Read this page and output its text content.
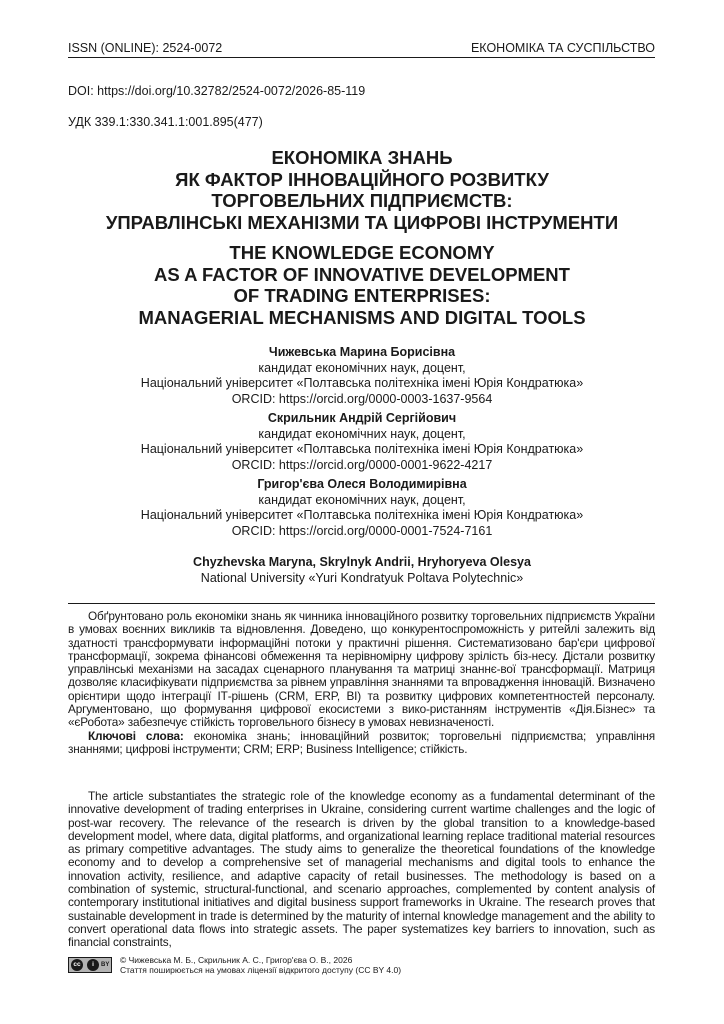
ISSN (ONLINE): 2524-0072	ЕКОНОМІКА ТА СУСПІЛЬСТВО
DOI: https://doi.org/10.32782/2524-0072/2026-85-119
УДК 339.1:330.341.1:001.895(477)
ЕКОНОМІКА ЗНАНЬ
ЯК ФАКТОР ІННОВАЦІЙНОГО РОЗВИТКУ
ТОРГОВЕЛЬНИХ ПІДПРИЄМСТВ:
УПРАВЛІНСЬКІ МЕХАНІЗМИ ТА ЦИФРОВІ ІНСТРУМЕНТИ
THE KNOWLEDGE ECONOMY
AS A FACTOR OF INNOVATIVE DEVELOPMENT
OF TRADING ENTERPRISES:
MANAGERIAL MECHANISMS AND DIGITAL TOOLS
Чижевська Марина Борисівна
кандидат економічних наук, доцент,
Національний університет «Полтавська політехніка імені Юрія Кондратюка»
ORCID: https://orcid.org/0000-0003-1637-9564
Скрильник Андрій Сергійович
кандидат економічних наук, доцент,
Національний університет «Полтавська політехніка імені Юрія Кондратюка»
ORCID: https://orcid.org/0000-0001-9622-4217
Григор'єва Олеся Володимирівна
кандидат економічних наук, доцент,
Національний університет «Полтавська політехніка імені Юрія Кондратюка»
ORCID: https://orcid.org/0000-0001-7524-7161
Chyzhevska Maryna, Skrylnyk Andrii, Hryhoryeva Olesya
National University «Yuri Kondratyuk Poltava Polytechnic»

Обґрунтовано роль економіки знань як чинника інноваційного розвитку торговельних підприємств України в умовах воєнних викликів та відновлення. Доведено, що конкурентоспроможність у ритейлі залежить від здатності трансформувати інформаційні потоки у практичні рішення. Систематизовано бар'єри цифрової трансформації, зокрема фінансові обмеження та нерівномірну цифрову зрілість біз-несу. Дістали розвитку управлінські механізми на засадах сценарного планування та матриці знаннє-вої трансформації. Матриця дозволяє класифікувати підприємства за рівнем управління знаннями та впровадження інновацій. Визначено орієнтири щодо інтеграції ІТ-рішень (CRM, ERP, BI) та розвитку цифрових компетентностей персоналу. Аргументовано, що формування цифрової екосистеми з вико-ристанням інструментів «Дія.Бізнес» та «єРобота» забезпечує стійкість торговельного бізнесу в умовах невизначеності.

Ключові слова: економіка знань; інноваційний розвиток; торговельні підприємства; управління знаннями; цифрові інструменти; CRM; ERP; Business Intelligence; стійкість.

The article substantiates the strategic role of the knowledge economy as a fundamental determinant of the innovative development of trading enterprises in Ukraine, considering current wartime challenges and the logic of post-war recovery. The relevance of the research is driven by the global transition to a knowledge-based development model, where data, digital platforms, and organizational learning replace traditional material resources as primary competitive advantages. The study aims to generalize the theoretical foundations of the knowledge economy and to develop a comprehensive set of managerial mechanisms and digital tools to enhance the innovation activity, resilience, and adaptive capacity of retail businesses. The methodology is based on a combination of systemic, structural-functional, and scenario approaches, complemented by content analysis of contemporary institutional initiatives and digital business support frameworks in Ukraine. The research proves that sustainable development in trade is determined by the maturity of internal knowledge management and the ability to convert operational data flows into strategic assets. The paper systematizes key barriers to innovation, such as financial constraints,

cc	i	BY © Чижевська М. Б., Скрильник А. С., Григор'єва О. В., 2026
Стаття поширюється на умовах ліцензії відкритого доступу (CC BY 4.0)
